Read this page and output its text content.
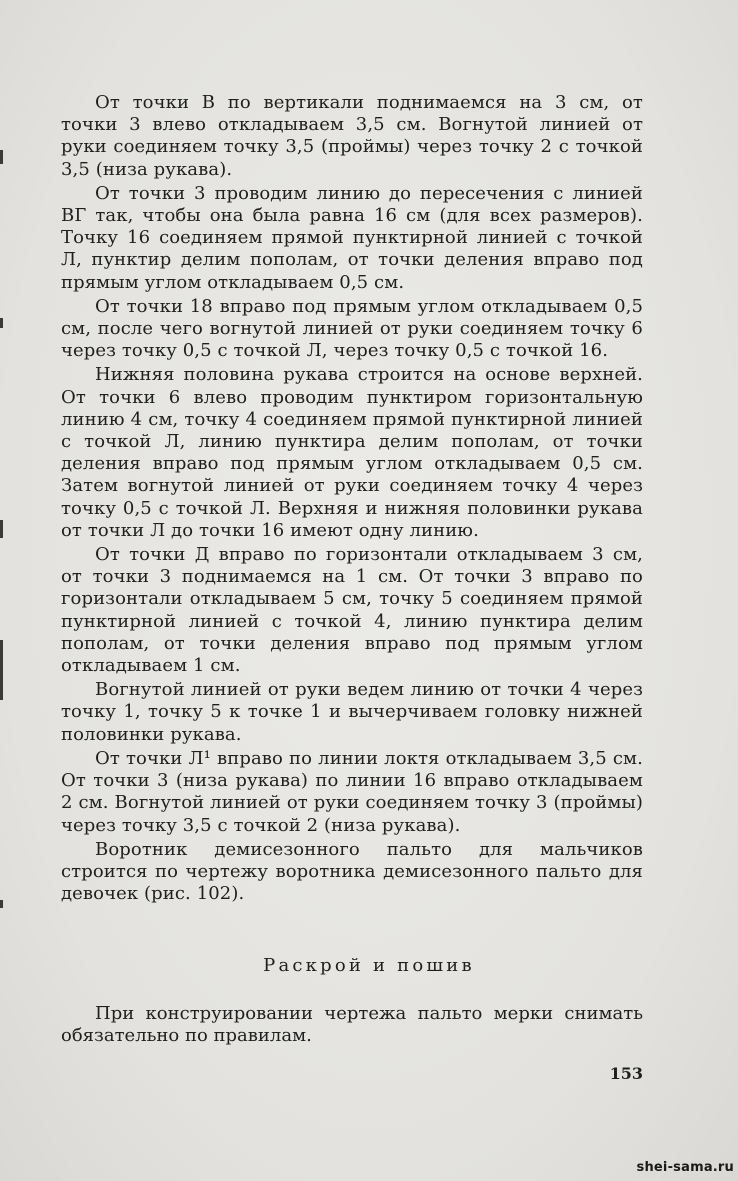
От точки В по вертикали поднимаемся на 3 см, от точки 3 влево откладываем 3,5 см. Вогнутой линией от руки соединяем точку 3,5 (проймы) через точку 2 с точкой 3,5 (низа рукава).

От точки 3 проводим линию до пересечения с линией ВГ так, чтобы она была равна 16 см (для всех размеров). Точку 16 соединяем прямой пунктирной линией с точкой Л, пунктир делим пополам, от точки деления вправо под прямым углом откладываем 0,5 см.

От точки 18 вправо под прямым углом откладываем 0,5 см, после чего вогнутой линией от руки соединяем точку 6 через точку 0,5 с точкой Л, через точку 0,5 с точкой 16.

Нижняя половина рукава строится на основе верхней. От точки 6 влево проводим пунктиром горизонтальную линию 4 см, точку 4 соединяем прямой пунктирной линией с точкой Л, линию пунктира делим пополам, от точки деления вправо под прямым углом откладываем 0,5 см. Затем вогнутой линией от руки соединяем точку 4 через точку 0,5 с точкой Л. Верхняя и нижняя половинки рукава от точки Л до точки 16 имеют одну линию.

От точки Д вправо по горизонтали откладываем 3 см, от точки 3 поднимаемся на 1 см. От точки 3 вправо по горизонтали откладываем 5 см, точку 5 соединяем прямой пунктирной линией с точкой 4, линию пунктира делим пополам, от точки деления вправо под прямым углом откладываем 1 см.

Вогнутой линией от руки ведем линию от точки 4 через точку 1, точку 5 к точке 1 и вычерчиваем головку нижней половинки рукава.

От точки Л¹ вправо по линии локтя откладываем 3,5 см. От точки 3 (низа рукава) по линии 16 вправо откладываем 2 см. Вогнутой линией от руки соединяем точку 3 (проймы) через точку 3,5 с точкой 2 (низа рукава).

Воротник демисезонного пальто для мальчиков строится по чертежу воротника демисезонного пальто для девочек (рис. 102).

Раскрой и пошив

При конструировании чертежа пальто мерки снимать обязательно по правилам.

153
shei-sama.ru
